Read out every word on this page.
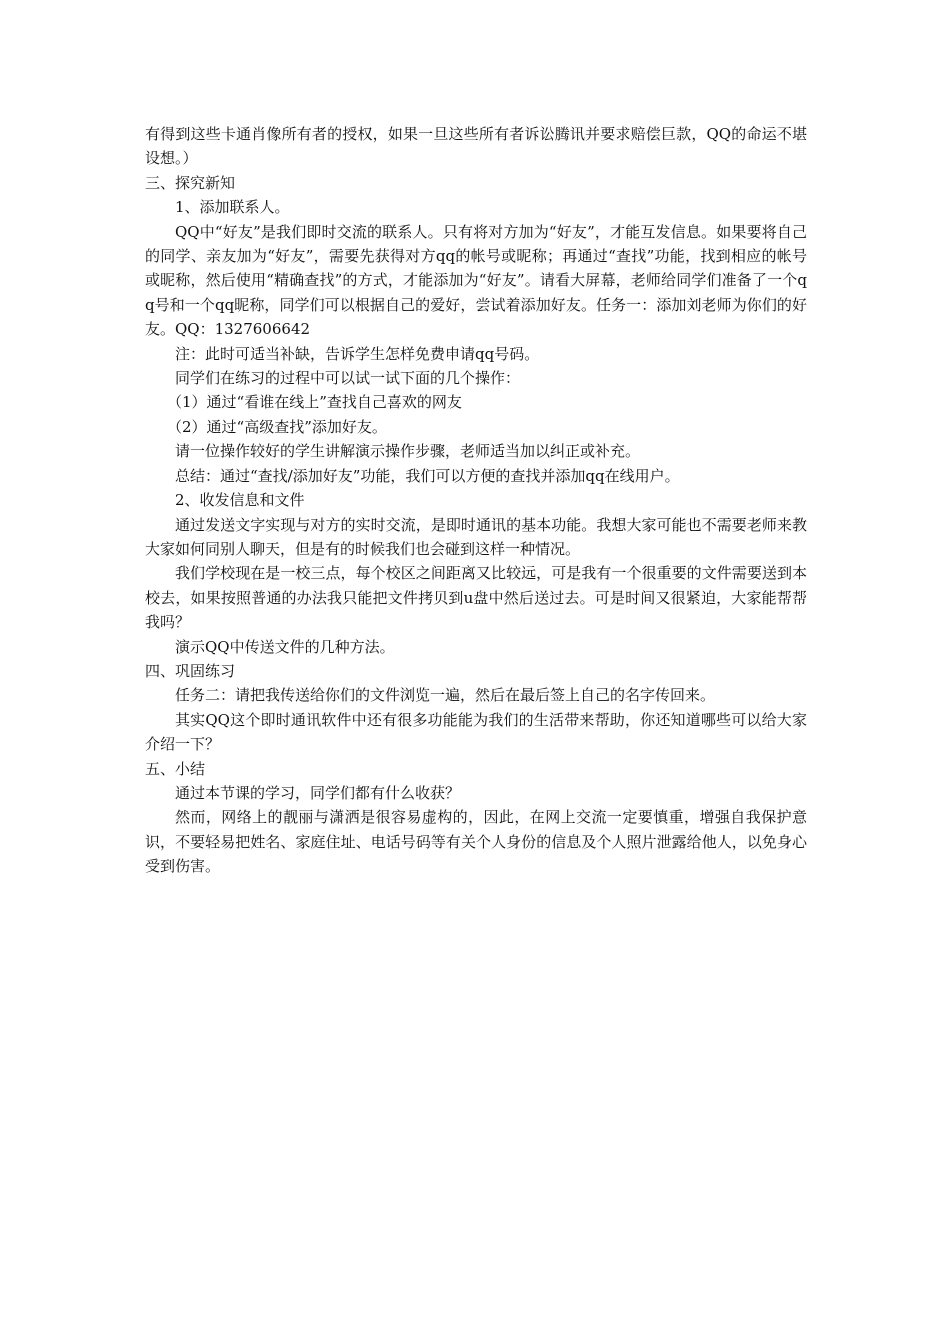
有得到这些卡通肖像所有者的授权，如果一旦这些所有者诉讼腾讯并要求赔偿巨款，QQ的命运不堪设想。）

三、探究新知

1、添加联系人。

QQ中“好友”是我们即时交流的联系人。只有将对方加为“好友”，才能互发信息。如果要将自己的同学、亲友加为“好友”，需要先获得对方qq的帐号或昵称；再通过“查找”功能，找到相应的帐号或昵称，然后使用“精确查找”的方式，才能添加为“好友”。请看大屏幕，老师给同学们准备了一个qq号和一个qq昵称，同学们可以根据自己的爱好，尝试着添加好友。任务一：添加刘老师为你们的好友。QQ：1327606642

注：此时可适当补缺，告诉学生怎样免费申请qq号码。

同学们在练习的过程中可以试一试下面的几个操作：

（1）通过“看谁在线上”查找自己喜欢的网友

（2）通过“高级查找”添加好友。

请一位操作较好的学生讲解演示操作步骤，老师适当加以纠正或补充。

总结：通过“查找/添加好友”功能，我们可以方便的查找并添加qq在线用户。

2、收发信息和文件

通过发送文字实现与对方的实时交流，是即时通讯的基本功能。我想大家可能也不需要老师来教大家如何同别人聊天，但是有的时候我们也会碰到这样一种情况。

我们学校现在是一校三点，每个校区之间距离又比较远，可是我有一个很重要的文件需要送到本校去，如果按照普通的办法我只能把文件拷贝到u盘中然后送过去。可是时间又很紧迫，大家能帮帮我吗？

演示QQ中传送文件的几种方法。

四、巩固练习

任务二：请把我传送给你们的文件浏览一遍，然后在最后签上自己的名字传回来。

其实QQ这个即时通讯软件中还有很多功能能为我们的生活带来帮助，你还知道哪些可以给大家介绍一下？

五、小结

通过本节课的学习，同学们都有什么收获？

然而，网络上的靓丽与潇洒是很容易虚构的，因此，在网上交流一定要慎重，增强自我保护意识，不要轻易把姓名、家庭住址、电话号码等有关个人身份的信息及个人照片泄露给他人，以免身心受到伤害。
